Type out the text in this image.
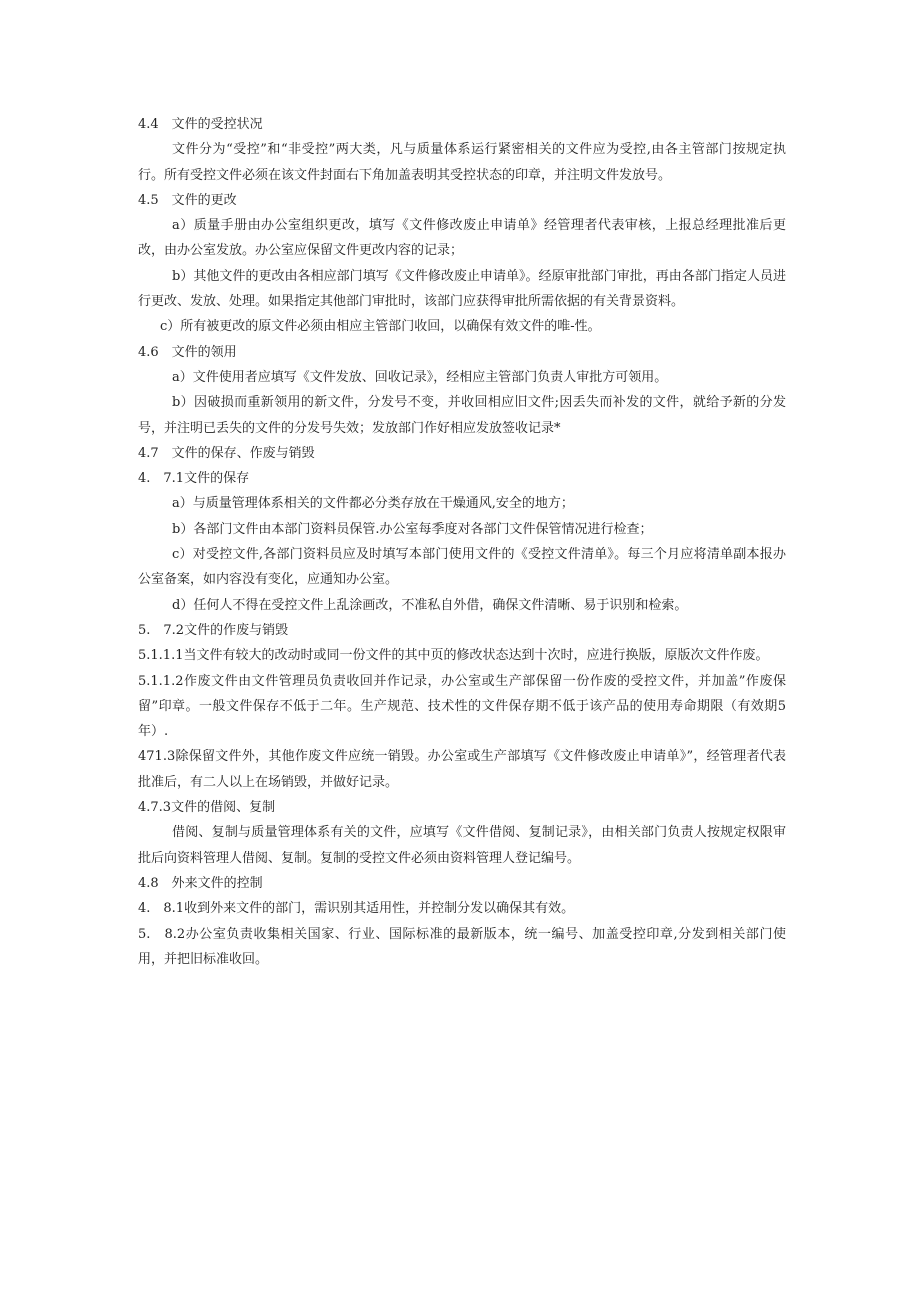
4.4　文件的受控状况

文件分为“受控”和“非受控”两大类，凡与质量体系运行紧密相关的文件应为受控,由各主管部门按规定执行。所有受控文件必须在该文件封面右下角加盖表明其受控状态的印章，并注明文件发放号。

4.5　文件的更改

a）质量手册由办公室组织更改，填写《文件修改废止申请单》经管理者代表审核，上报总经理批准后更改，由办公室发放。办公室应保留文件更改内容的记录；

b）其他文件的更改由各相应部门填写《文件修改废止申请单》。经原审批部门审批，再由各部门指定人员进行更改、发放、处理。如果指定其他部门审批时，该部门应获得审批所需依据的有关背景资料。

c）所有被更改的原文件必须由相应主管部门收回，以确保有效文件的唯-性。

4.6　文件的领用

a）文件使用者应填写《文件发放、回收记录》，经相应主管部门负责人审批方可领用。

b）因破损而重新领用的新文件，分发号不变，并收回相应旧文件;因丢失而补发的文件，就给予新的分发号，并注明已丢失的文件的分发号失效；发放部门作好相应发放签收记录*

4.7　文件的保存、作废与销毁

4.　7.1文件的保存

a）与质量管理体系相关的文件都必分类存放在干燥通风,安全的地方；

b）各部门文件由本部门资料员保管.办公室每季度对各部门文件保管情况进行检查；

c）对受控文件,各部门资料员应及时填写本部门使用文件的《受控文件清单》。每三个月应将清单副本报办公室备案，如内容没有变化，应通知办公室。

d）任何人不得在受控文件上乱涂画改，不准私自外借，确保文件清晰、易于识别和检索。

5.　7.2文件的作废与销毁

5.1.1.1当文件有较大的改动时或同一份文件的其中页的修改状态达到十次时，应进行换版，原版次文件作废。

5.1.1.2作废文件由文件管理员负责收回并作记录，办公室或生产部保留一份作废的受控文件，并加盖”作废保留”印章。一般文件保存不低于二年。生产规范、技术性的文件保存期不低于该产品的使用寿命期限（有效期5年）.

471.3除保留文件外，其他作废文件应统一销毁。办公室或生产部填写《文件修改废止申请单》”，经管理者代表批准后，有二人以上在场销毁，并做好记录。

4.7.3文件的借阅、复制

借阅、复制与质量管理体系有关的文件，应填写《文件借阅、复制记录》，由相关部门负责人按规定权限审批后向资料管理人借阅、复制。复制的受控文件必须由资料管理人登记编号。

4.8　外来文件的控制

4.　8.1收到外来文件的部门，需识别其适用性，并控制分发以确保其有效。

5.　8.2办公室负责收集相关国家、行业、国际标准的最新版本，统一编号、加盖受控印章,分发到相关部门使用，并把旧标准收回。
